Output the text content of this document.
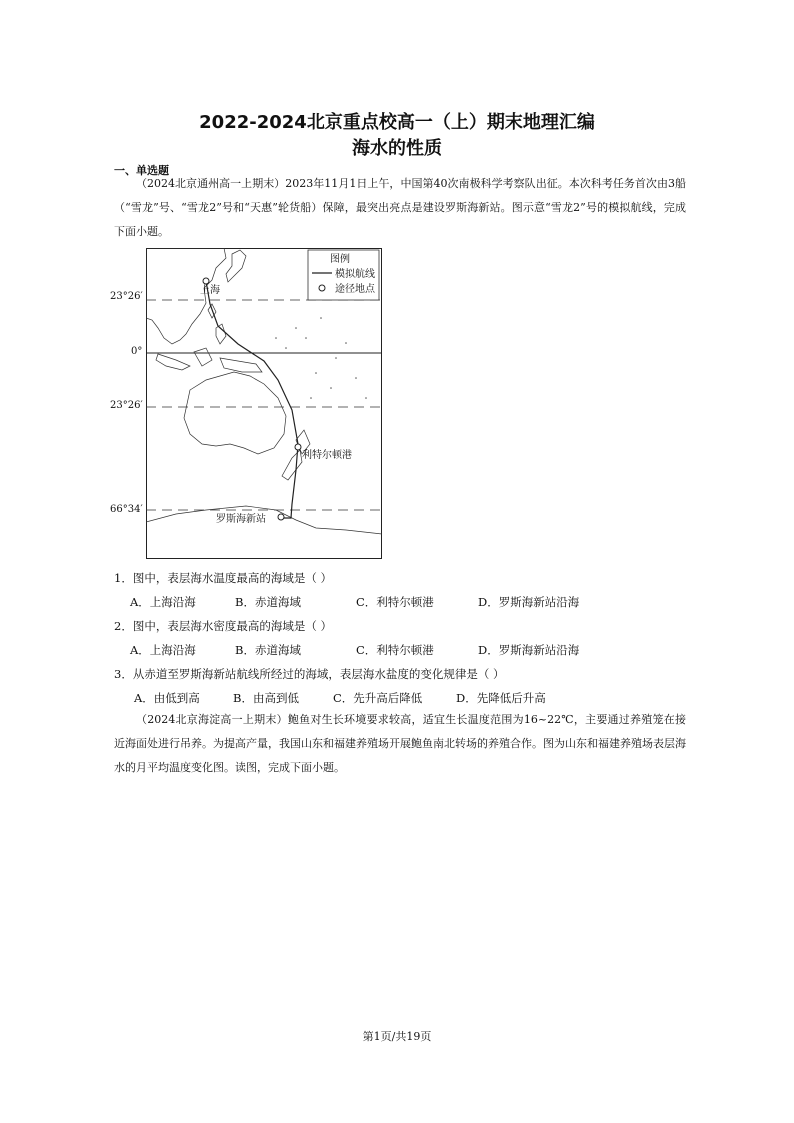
2022-2024北京重点校高一（上）期末地理汇编
海水的性质
一、单选题
（2024北京通州高一上期末）2023年11月1日上午，中国第40次南极科学考察队出征。本次科考任务首次由3船（“雪龙”号、“雪龙2”号和“天惠”轮货船）保障，最突出亮点是建设罗斯海新站。图示意“雪龙2”号的模拟航线，完成下面小题。
上海
利特尔顿港
罗斯海新站
图例
模拟航线
途径地点
23°26′
0°
23°26′
66°34′
1．图中，表层海水温度最高的海域是（ ）
A．上海沿海	B．赤道海域	C．利特尔顿港	D．罗斯海新站沿海
2．图中，表层海水密度最高的海域是（ ）
A．上海沿海	B．赤道海域	C．利特尔顿港	D．罗斯海新站沿海
3．从赤道至罗斯海新站航线所经过的海域，表层海水盐度的变化规律是（ ）
A．由低到高	B．由高到低	C．先升高后降低	D．先降低后升高
（2024北京海淀高一上期末）鲍鱼对生长环境要求较高，适宜生长温度范围为16~22℃，主要通过养殖笼在接近海面处进行吊养。为提高产量，我国山东和福建养殖场开展鲍鱼南北转场的养殖合作。图为山东和福建养殖场表层海水的月平均温度变化图。读图，完成下面小题。
第1页/共19页
